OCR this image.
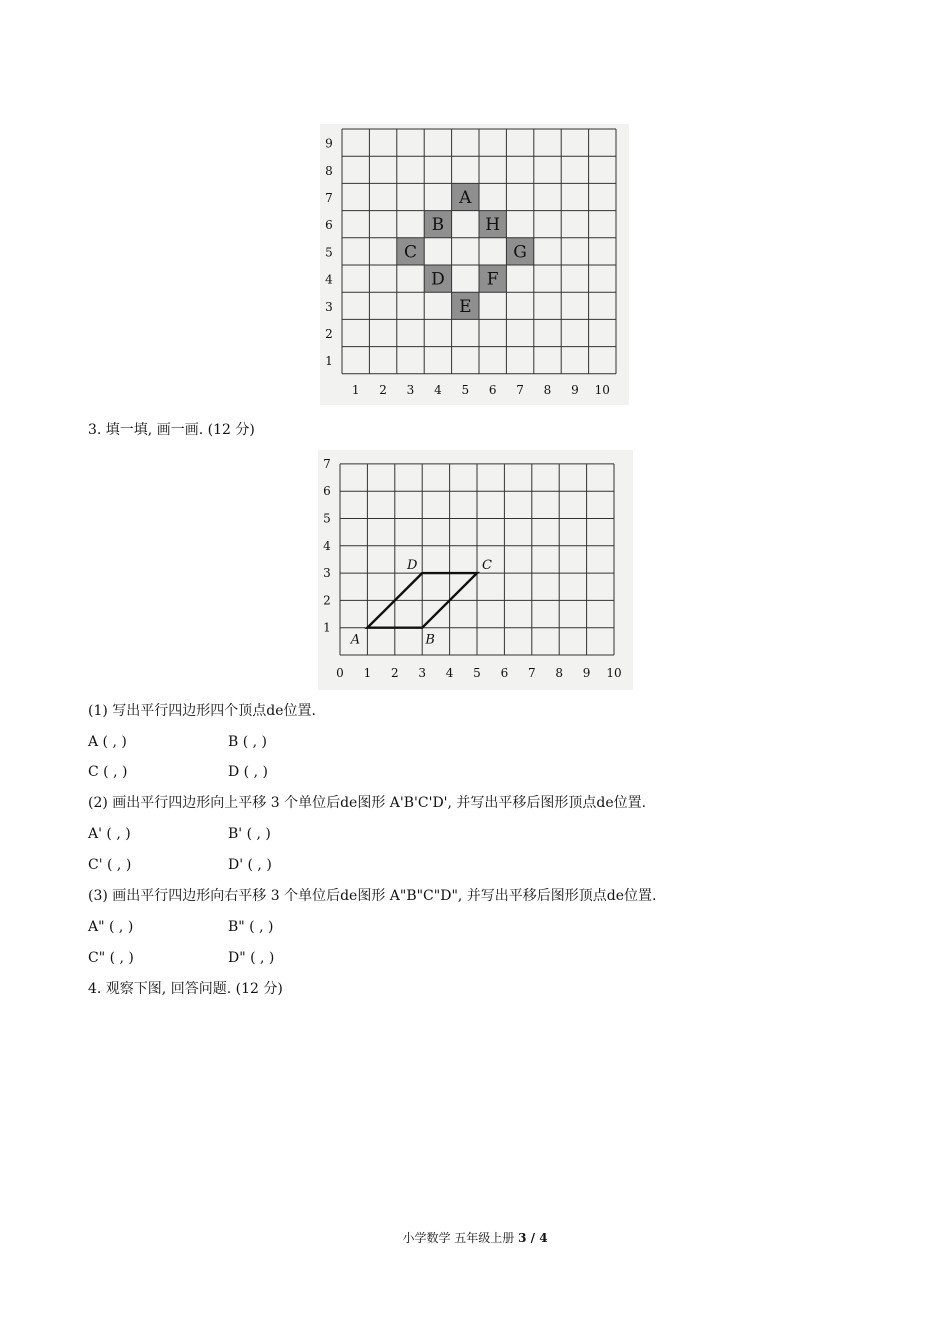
A
B H
C	G
D F
E
1 2 3 4 5 6 7 8 9 10
1
2
3
4
5
6
7
8
9
3. 填一填, 画一画. (12 分)
A	B
C
D
0 1 2 3 4 5 6 7 8 9 10
1
2
3
4
5
6
7
(1) 写出平行四边形四个顶点de位置.
A ( , )	B ( , )
C ( , )	D ( , )
(2) 画出平行四边形向上平移 3 个单位后de图形 A'B'C'D', 并写出平移后图形顶点de位置.
A' ( , )	B' ( , )
C' ( , )	D' ( , )
(3) 画出平行四边形向右平移 3 个单位后de图形 A"B"C"D", 并写出平移后图形顶点de位置.
A" ( , )	B" ( , )
C" ( , )	D" ( , )
4. 观察下图, 回答问题. (12 分)
小学数学 五年级上册 3 / 4
